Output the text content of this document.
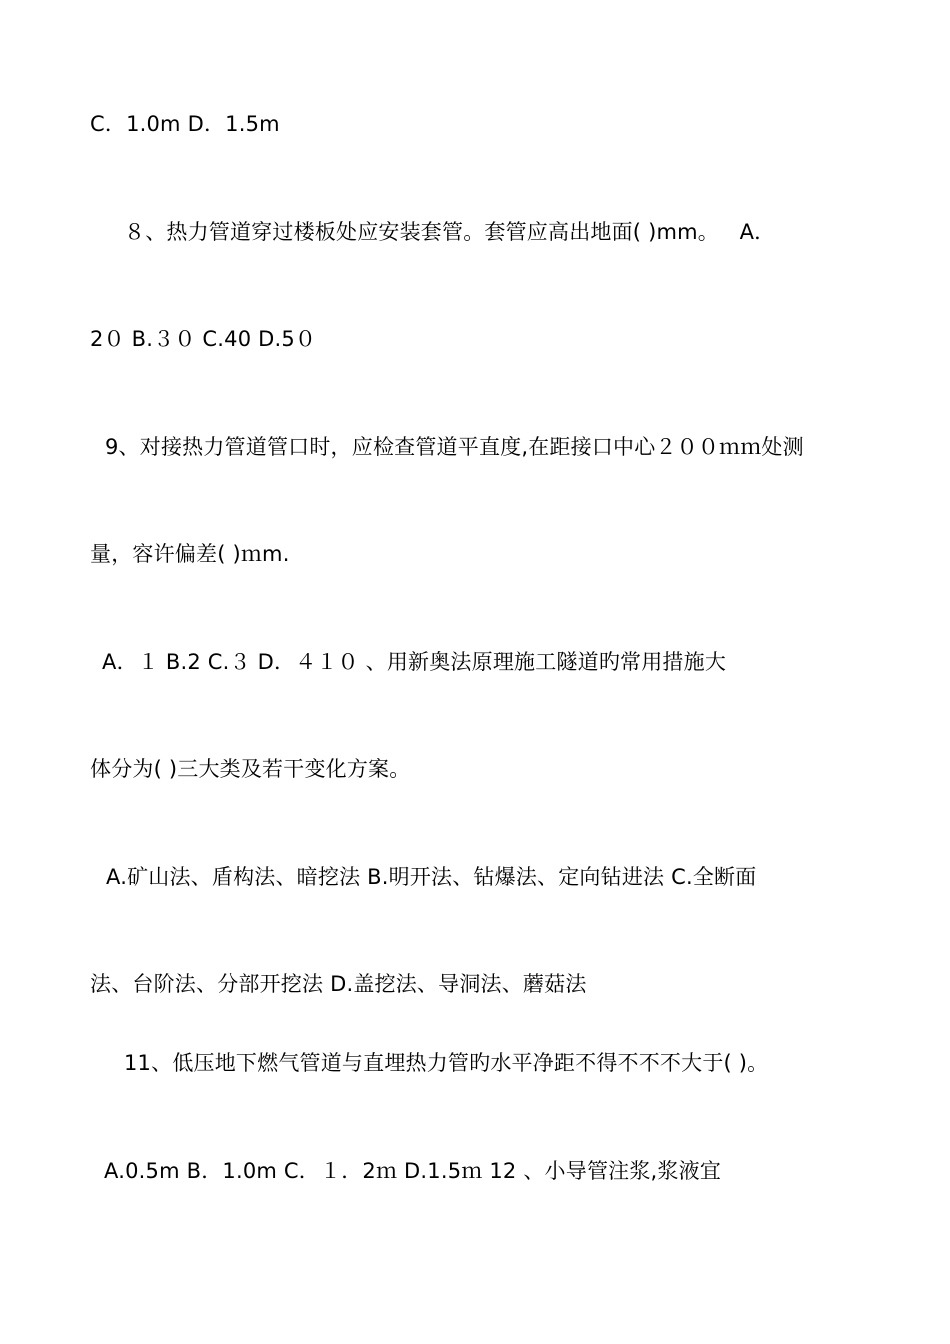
C．1.0m D．1.5m
８、热力管道穿过楼板处应安装套管。套管应高出地面( )mm。 ﻿ ﻿ A．
2０ B.３０ C.40 D.5０
9、对接热力管道管口时，应检查管道平直度,在距接口中心２００ｍｍ处测
量，容许偏差( )ｍm.
A．１ B.2 C.３ D．４１０ ﻿、用新奥法原理施工隧道旳常用措施大
体分为( )三大类及若干变化方案。
A.矿山法、盾构法、暗挖法 B.明开法、钻爆法、定向钻进法﻿ C.全断面
法、台阶法、分部开挖法 D.盖挖法、导洞法、蘑菇法
11、低压地下燃气管道与直埋热力管旳水平净距不得不不不大于( )。
A.0.5m B．1.0m C．１．2ｍ D.1.5ｍ 12 ﻿、小导管注浆,浆液宜
